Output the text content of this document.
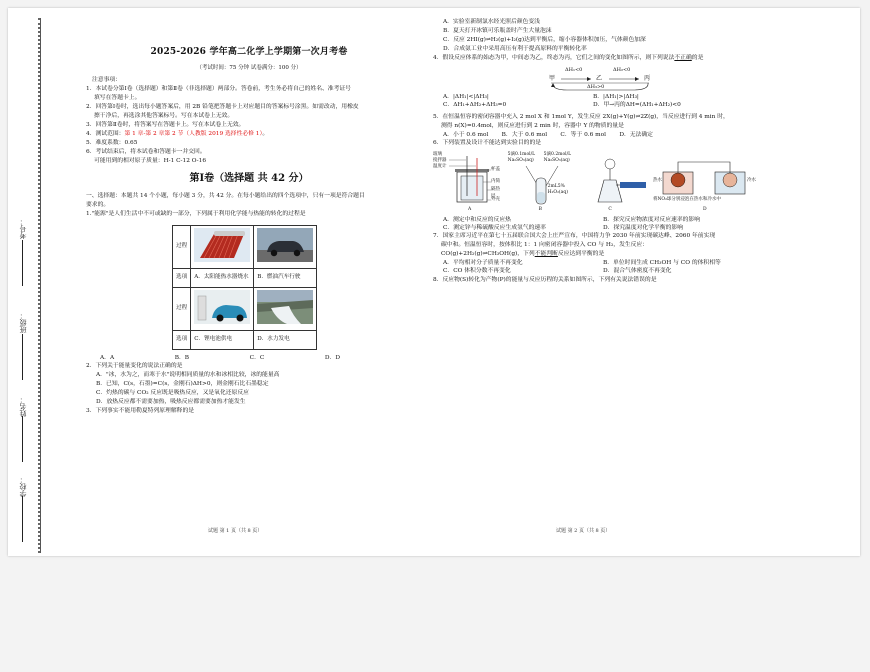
考号：
班级：
姓名：
学校：
2025-2026 学年高二化学上学期第一次月考卷
（考试时间：75 分钟 试卷满分：100 分）

注意事项：

1．本试卷分第Ⅰ卷（选择题）和第Ⅱ卷（非选择题）两部分。答卷前，考生务必将自己的姓名、准考证号

填写在答题卡上。

2．回答第Ⅰ卷时，选出每小题答案后，用 2B 铅笔把答题卡上对应题目的答案标号涂黑。如需改动，用橡皮

擦干净后，再选涂其他答案标号。写在本试卷上无效。

3．回答第Ⅱ卷时，将答案写在答题卡上。写在本试卷上无效。

4．测试范围：第 1 章-第 2 章第 2 节（人教版 2019 选择性必修 1）。

5．难度系数：0.65

6．考试结束后，将本试卷和答题卡一并交回。

可能用到的相对原子质量：H-1 C-12 O-16

第Ⅰ卷（选择题 共 42 分）

一、选择题：本题共 14 个小题，每小题 3 分，共 42 分。在每小题给出的四个选项中，只有一项是符合题目

要求的。

1."能源"是人们生活中不可或缺的一部分，下列属于利用化学能与热能的转化的过程是

过程		
选项	A．太阳能热水器烧水	B．燃油汽车行驶
过程		
选项	C．锂电池供电	D．水力发电
A．A	B．B	C．C	D．D

2．下列关于能量变化的说法正确的是

A．"冰，水为之，而寒于水"说明相同质量的水和冰相比较，冰的能量高

B．已知，C(s，石墨)=C(s，金刚石)ΔH>0，则金刚石比石墨稳定

C．灼热的碳与 CO₂ 反应既是吸热反应，又是氧化还原反应

D．放热反应都不需要加热，吸热反应都需要加热才能发生

3．下列事实不能用勒夏特列原理解释的是

试题 第 1 页（共 8 页）

A．实验室新制氯水经光照后颜色变浅

B．夏天打开冰镇可乐瓶盖时产生大量泡沫

C．反应 2HI(g)⇌H₂(g)+I₂(g)达到平衡后，缩小容器体积加压，气体颜色加深

D．合成氨工业中采用高压有利于提高原料的平衡转化率

4．假设反应体系的始态为甲，中间态为乙，终态为丙，它们之间的变化如图所示，则下列说法不正确的是

甲	乙	丙
ΔH₁<0	ΔH₂<0
ΔH₃>0
A．|ΔH₁|<|ΔH₃|	B．|ΔH₁|>|ΔH₃|
C．ΔH₁+ΔH₂+ΔH₃=0	D．甲→丙的ΔH=(ΔH₁+ΔH₂)<0

5．在恒温恒容的密闭容器中充入 2 mol X 和 1mol Y，发生反应 2X(g)+Y(g)⇌2Z(g)，当反应进行到 4 min 时，

测得 n(X)=0.4mol，则反应进行到 2 min 时，容器中 Y 的物质的量是

A．小于 0.6 mol B．大于 0.6 mol C．等于 0.6 mol D．无法确定

6．下列装置及设计不能达到实验目的的是

玻璃
搅拌器
温度计
杯盖
内筒
隔热层
外壳
A
5滴0.1mol/L
Na₂SO₃(aq)
5滴0.2mol/L
Na₂SO₃(aq)
2mL5%
H₂O₂(aq)
B	C
热水	冷水
将NO₂球分别浸泡在热水和冷水中
D
A．测定中和反应的反应热	B．探究反应物浓度对反应速率的影响
C．测定锌与稀硫酸反应生成氢气的速率	D．探究温度对化学平衡的影响

7．国家主席习近平在第七十五届联合国大会上庄严宣布，中国将力争 2030 年前实现碳达峰、2060 年前实现

碳中和。恒温恒容时，按体积比 1：1 向密闭容器中投入 CO 与 H₂，发生反应：

CO(g)+2H₂(g)⇌CH₃OH(g)，下列不能判断反应达到平衡的是

A．平均相对分子质量不再变化	B．单位时间生成 CH₃OH 与 CO 的体积相等
C．CO 体积分数不再变化	D．混合气体密度不再变化

8．反应物(S)转化为产物(P)的能量与反应历程的关系如图所示，下列有关说法错误的是

试题 第 2 页（共 8 页）
